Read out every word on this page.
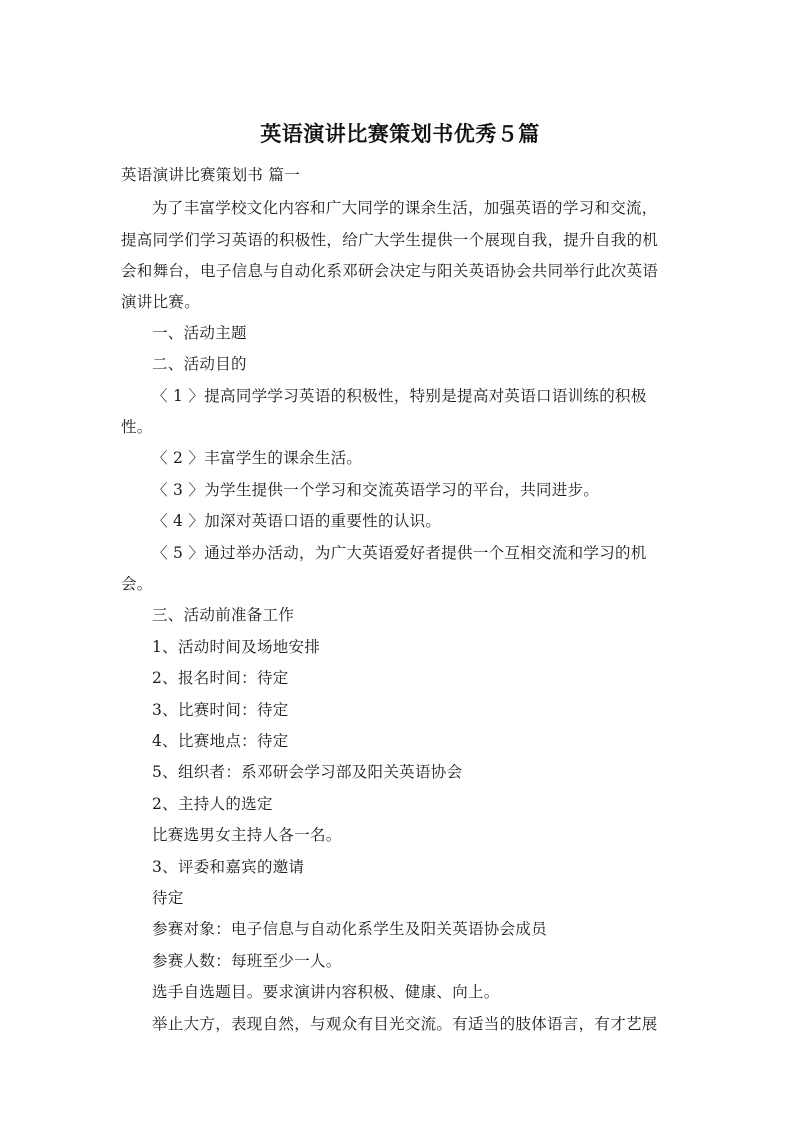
英语演讲比赛策划书优秀５篇
英语演讲比赛策划书 篇一
为了丰富学校文化内容和广大同学的课余生活，加强英语的学习和交流，
提高同学们学习英语的积极性，给广大学生提供一个展现自我，提升自我的机
会和舞台，电子信息与自动化系邓研会决定与阳关英语协会共同举行此次英语
演讲比赛。
一、活动主题
二、活动目的
〈 1 〉提高同学学习英语的积极性，特别是提高对英语口语训练的积极
性。
〈 2 〉丰富学生的课余生活。
〈 3 〉为学生提供一个学习和交流英语学习的平台，共同进步。
〈 4 〉加深对英语口语的重要性的认识。
〈 5 〉通过举办活动，为广大英语爱好者提供一个互相交流和学习的机
会。
三、活动前准备工作
1、活动时间及场地安排
2、报名时间：待定
3、比赛时间：待定
4、比赛地点：待定
5、组织者：系邓研会学习部及阳关英语协会
2、主持人的选定
比赛选男女主持人各一名。
3、评委和嘉宾的邀请
待定
参赛对象：电子信息与自动化系学生及阳关英语协会成员
参赛人数：每班至少一人。
选手自选题目。要求演讲内容积极、健康、向上。
举止大方，表现自然，与观众有目光交流。有适当的肢体语言，有才艺展
